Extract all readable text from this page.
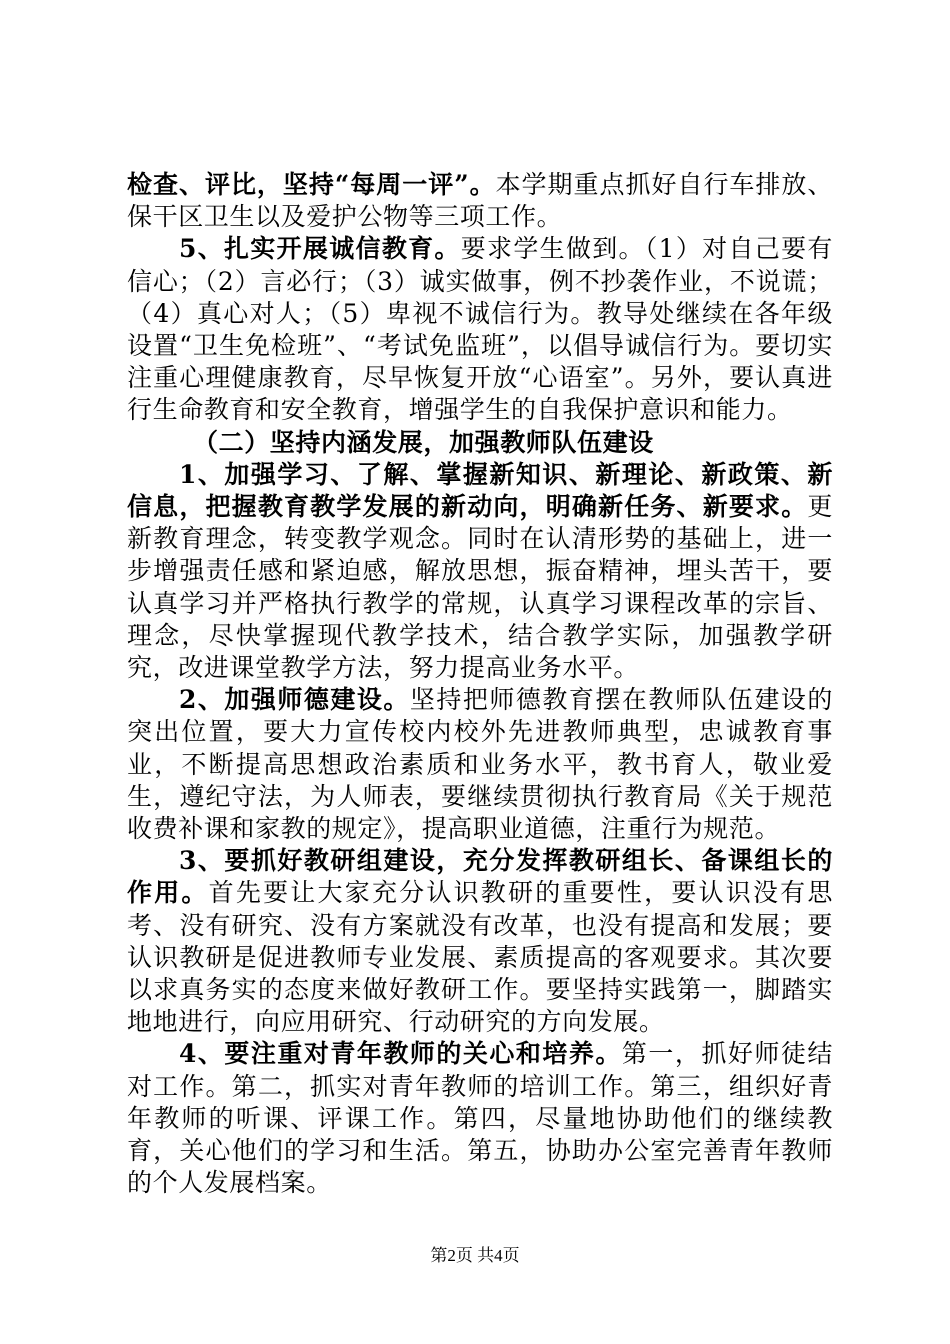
检查、评比，坚持“每周一评”。本学期重点抓好自行车排放、保干区卫生以及爱护公物等三项工作。

5、扎实开展诚信教育。要求学生做到。（1）对自己要有信心；（2）言必行；（3）诚实做事，例不抄袭作业，不说谎；（4）真心对人；（5）卑视不诚信行为。教导处继续在各年级设置“卫生免检班”、“考试免监班”，以倡导诚信行为。要切实注重心理健康教育，尽早恢复开放“心语室”。另外，要认真进行生命教育和安全教育，增强学生的自我保护意识和能力。

（二）坚持内涵发展，加强教师队伍建设

1、加强学习、了解、掌握新知识、新理论、新政策、新信息，把握教育教学发展的新动向，明确新任务、新要求。更新教育理念，转变教学观念。同时在认清形势的基础上，进一步增强责任感和紧迫感，解放思想，振奋精神，埋头苦干，要认真学习并严格执行教学的常规，认真学习课程改革的宗旨、理念，尽快掌握现代教学技术，结合教学实际，加强教学研究，改进课堂教学方法，努力提高业务水平。

2、加强师德建设。坚持把师德教育摆在教师队伍建设的突出位置，要大力宣传校内校外先进教师典型，忠诚教育事业，不断提高思想政治素质和业务水平，教书育人，敬业爱生，遵纪守法，为人师表，要继续贯彻执行教育局《关于规范收费补课和家教的规定》，提高职业道德，注重行为规范。

3、要抓好教研组建设，充分发挥教研组长、备课组长的作用。首先要让大家充分认识教研的重要性，要认识没有思考、没有研究、没有方案就没有改革，也没有提高和发展；要认识教研是促进教师专业发展、素质提高的客观要求。其次要以求真务实的态度来做好教研工作。要坚持实践第一，脚踏实地地进行，向应用研究、行动研究的方向发展。

4、要注重对青年教师的关心和培养。第一，抓好师徒结对工作。第二，抓实对青年教师的培训工作。第三，组织好青年教师的听课、评课工作。第四，尽量地协助他们的继续教育，关心他们的学习和生活。第五，协助办公室完善青年教师的个人发展档案。

第2页 共4页
